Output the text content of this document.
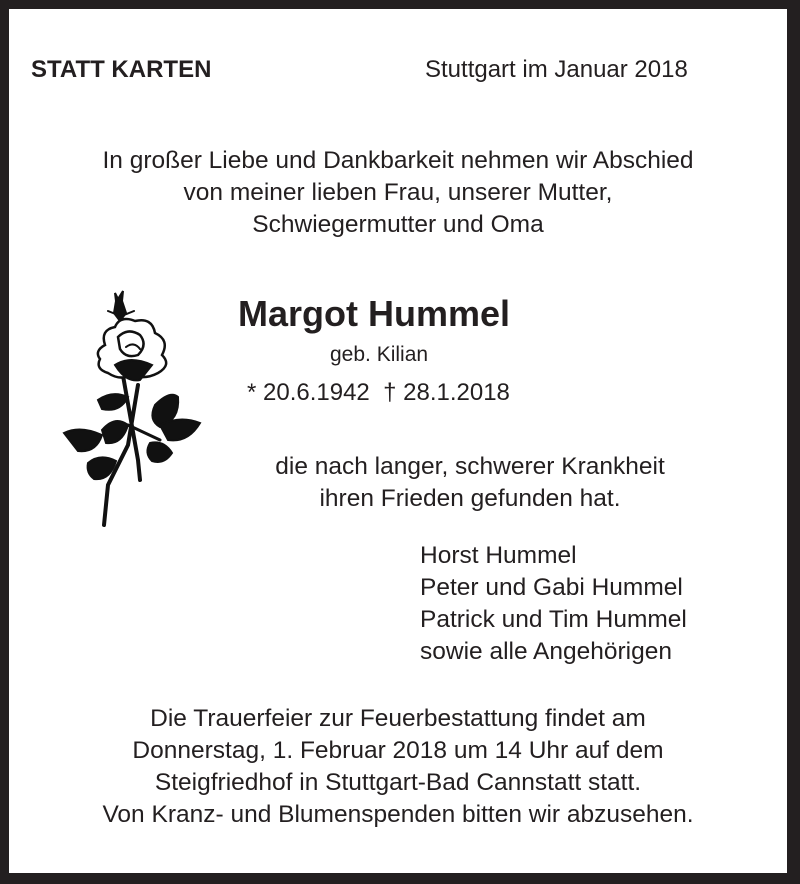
STATT KARTEN	Stuttgart im Januar 2018
In großer Liebe und Dankbarkeit nehmen wir Abschied
von meiner lieben Frau, unserer Mutter,
Schwiegermutter und Oma
Margot Hummel
geb. Kilian
* 20.6.1942  † 28.1.2018
die nach langer, schwerer Krankheit
ihren Frieden gefunden hat.
Horst Hummel
Peter und Gabi Hummel
Patrick und Tim Hummel
sowie alle Angehörigen
Die Trauerfeier zur Feuerbestattung findet am
Donnerstag, 1. Februar 2018 um 14 Uhr auf dem
Steigfriedhof in Stuttgart-Bad Cannstatt statt.
Von Kranz- und Blumenspenden bitten wir abzusehen.
